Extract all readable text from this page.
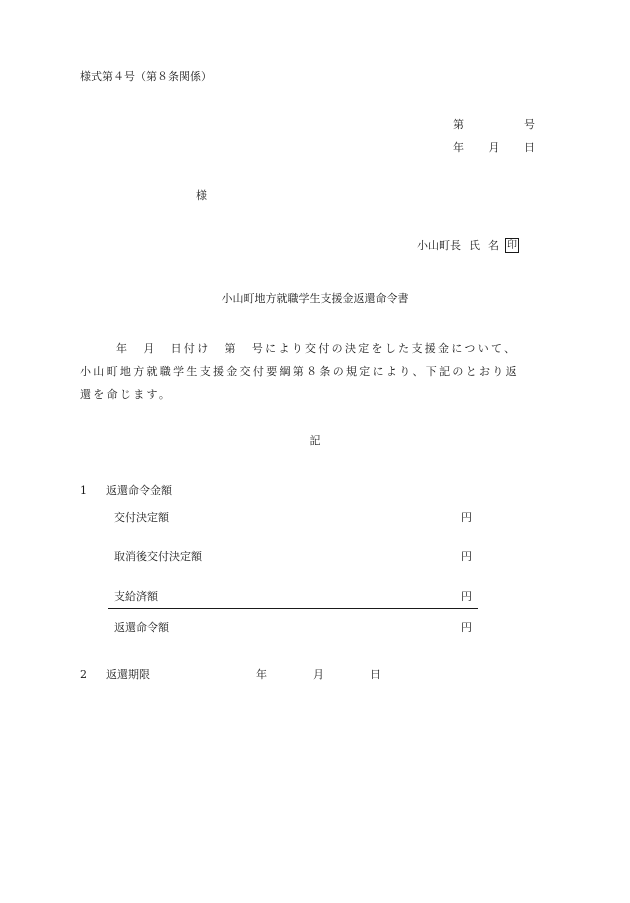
様式第４号（第８条関係）
第	号
年 月 日
様
小山町長 氏 名 印
小山町地方就職学生支援金返還命令書
年 月 日付け 第 号により交付の決定をした支援金について、
小山町地方就職学生支援金交付要綱第８条の規定により、下記のとおり返
還を命じます。
記
1 返還命令金額
交付決定額	円
取消後交付決定額	円
支給済額	円
返還命令額	円
2 返還期限	年	月	日
